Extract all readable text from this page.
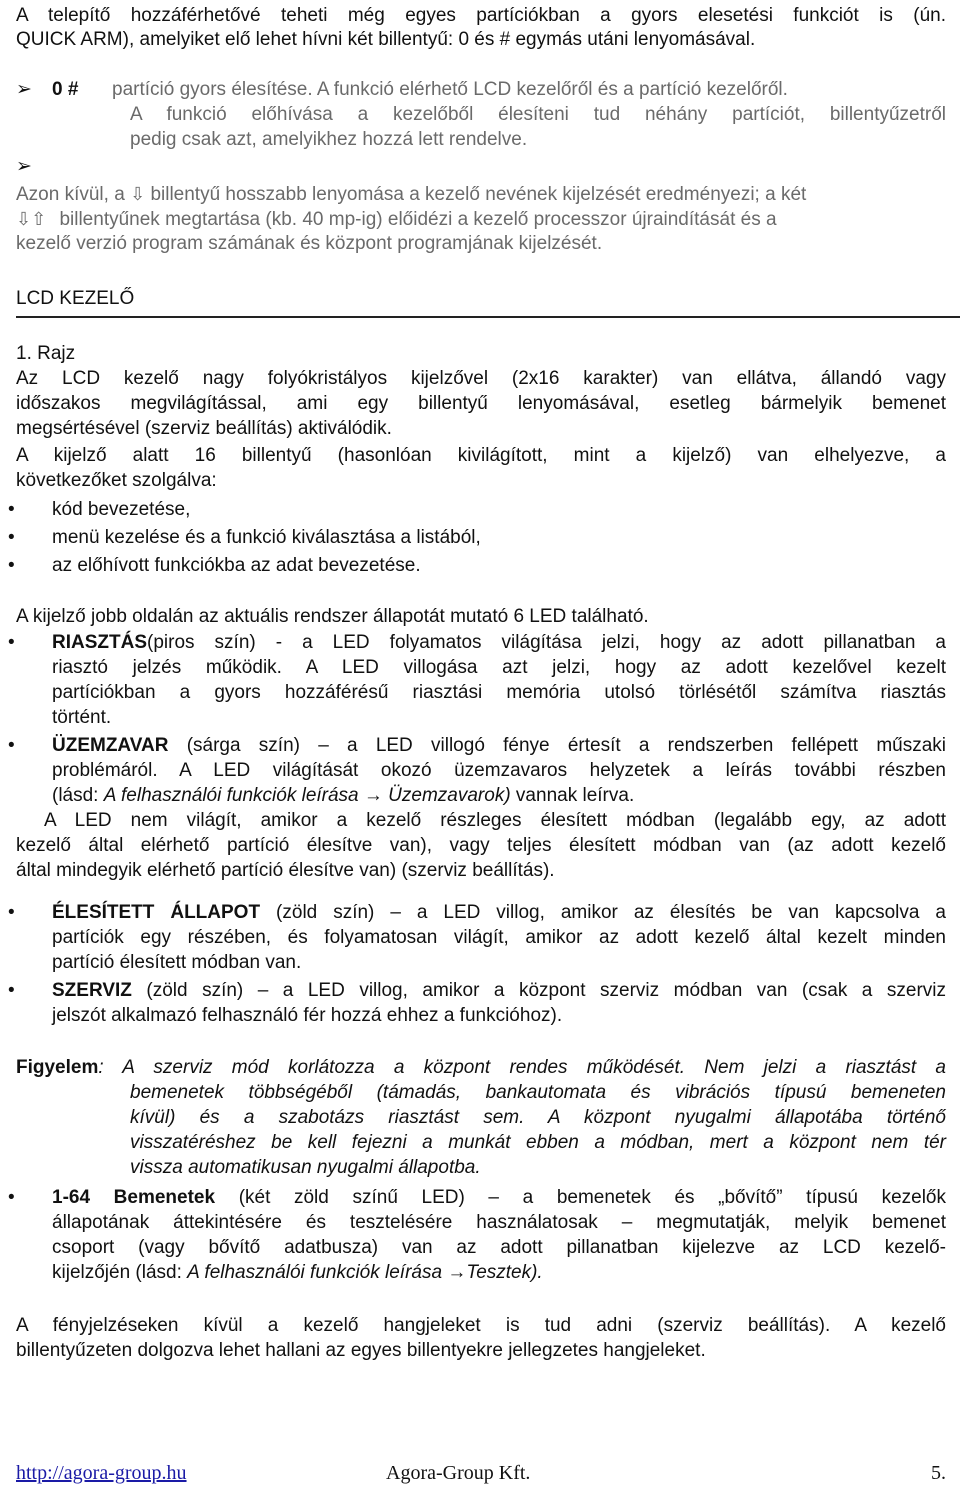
A telepítő hozzáférhetővé teheti még egyes partíciókban a gyors elesetési funkciót is (ún.
QUICK ARM), amelyiket elő lehet hívni két billentyű: 0 és # egymás utáni lenyomásával.
➢ 0 # partíció gyors élesítése. A funkció elérhető LCD kezelőről és a partíció kezelőről.
A funkció előhívása a kezelőből élesíteni tud néhány partíciót, billentyűzetről
pedig csak azt, amelyikhez hozzá lett rendelve.
➢
Azon kívül, a ⇩ billentyű hosszabb lenyomása a kezelő nevének kijelzését eredményezi; a két
⇩⇧ billentyűnek megtartása (kb. 40 mp-ig) előidézi a kezelő processzor újraindítását és a
kezelő verzió program számának és központ programjának kijelzését.
LCD KEZELŐ
1. Rajz
Az LCD kezelő nagy folyókristályos kijelzővel (2x16 karakter) van ellátva, állandó vagy
időszakos megvilágítással, ami egy billentyű lenyomásával, esetleg bármelyik bemenet
megsértésével (szerviz beállítás) aktiválódik.
A kijelző alatt 16 billentyű (hasonlóan kivilágított, mint a kijelző) van elhelyezve, a
következőket szolgálva:
• kód bevezetése,
• menü kezelése és a funkció kiválasztása a listából,
• az előhívott funkciókba az adat bevezetése.
A kijelző jobb oldalán az aktuális rendszer állapotát mutató 6 LED található.
• RIASZTÁS(piros szín) - a LED folyamatos világítása jelzi, hogy az adott pillanatban a
riasztó jelzés működik. A LED villogása azt jelzi, hogy az adott kezelővel kezelt
partíciókban a gyors hozzáférésű riasztási memória utolsó törlésétől számítva riasztás
történt.
• ÜZEMZAVAR (sárga szín) – a LED villogó fénye értesít a rendszerben fellépett műszaki
problémáról. A LED világítását okozó üzemzavaros helyzetek a leírás további részben
(lásd: A felhasználói funkciók leírása → Üzemzavarok) vannak leírva.
A LED nem világít, amikor a kezelő részleges élesített módban (legalább egy, az adott
kezelő által elérhető partíció élesítve van), vagy teljes élesített módban van (az adott kezelő
által mindegyik elérhető partíció élesítve van) (szerviz beállítás).
• ÉLESÍTETT ÁLLAPOT (zöld szín) – a LED villog, amikor az élesítés be van kapcsolva a
partíciók egy részében, és folyamatosan világít, amikor az adott kezelő által kezelt minden
partíció élesített módban van.
• SZERVIZ (zöld szín) – a LED villog, amikor a központ szerviz módban van (csak a szerviz
jelszót alkalmazó felhasználó fér hozzá ehhez a funkcióhoz).
Figyelem: A szerviz mód korlátozza a központ rendes működését. Nem jelzi a riasztást a
bemenetek többségéből (támadás, bankautomata és vibrációs típusú bemeneten
kívül) és a szabotázs riasztást sem. A központ nyugalmi állapotába történő
visszatéréshez be kell fejezni a munkát ebben a módban, mert a központ nem tér
vissza automatikusan nyugalmi állapotba.
• 1-64 Bemenetek (két zöld színű LED) – a bemenetek és „bővítő” típusú kezelők
állapotának áttekintésére és tesztelésére használatosak – megmutatják, melyik bemenet
csoport (vagy bővítő adatbusza) van az adott pillanatban kijelezve az LCD kezelő-
kijelzőjén (lásd: A felhasználói funkciók leírása →Tesztek).
A fényjelzéseken kívül a kezelő hangjeleket is tud adni (szerviz beállítás). A kezelő
billentyűzeten dolgozva lehet hallani az egyes billentyekre jellegzetes hangjeleket.
http://agora-group.hu	Agora-Group Kft.	5.
